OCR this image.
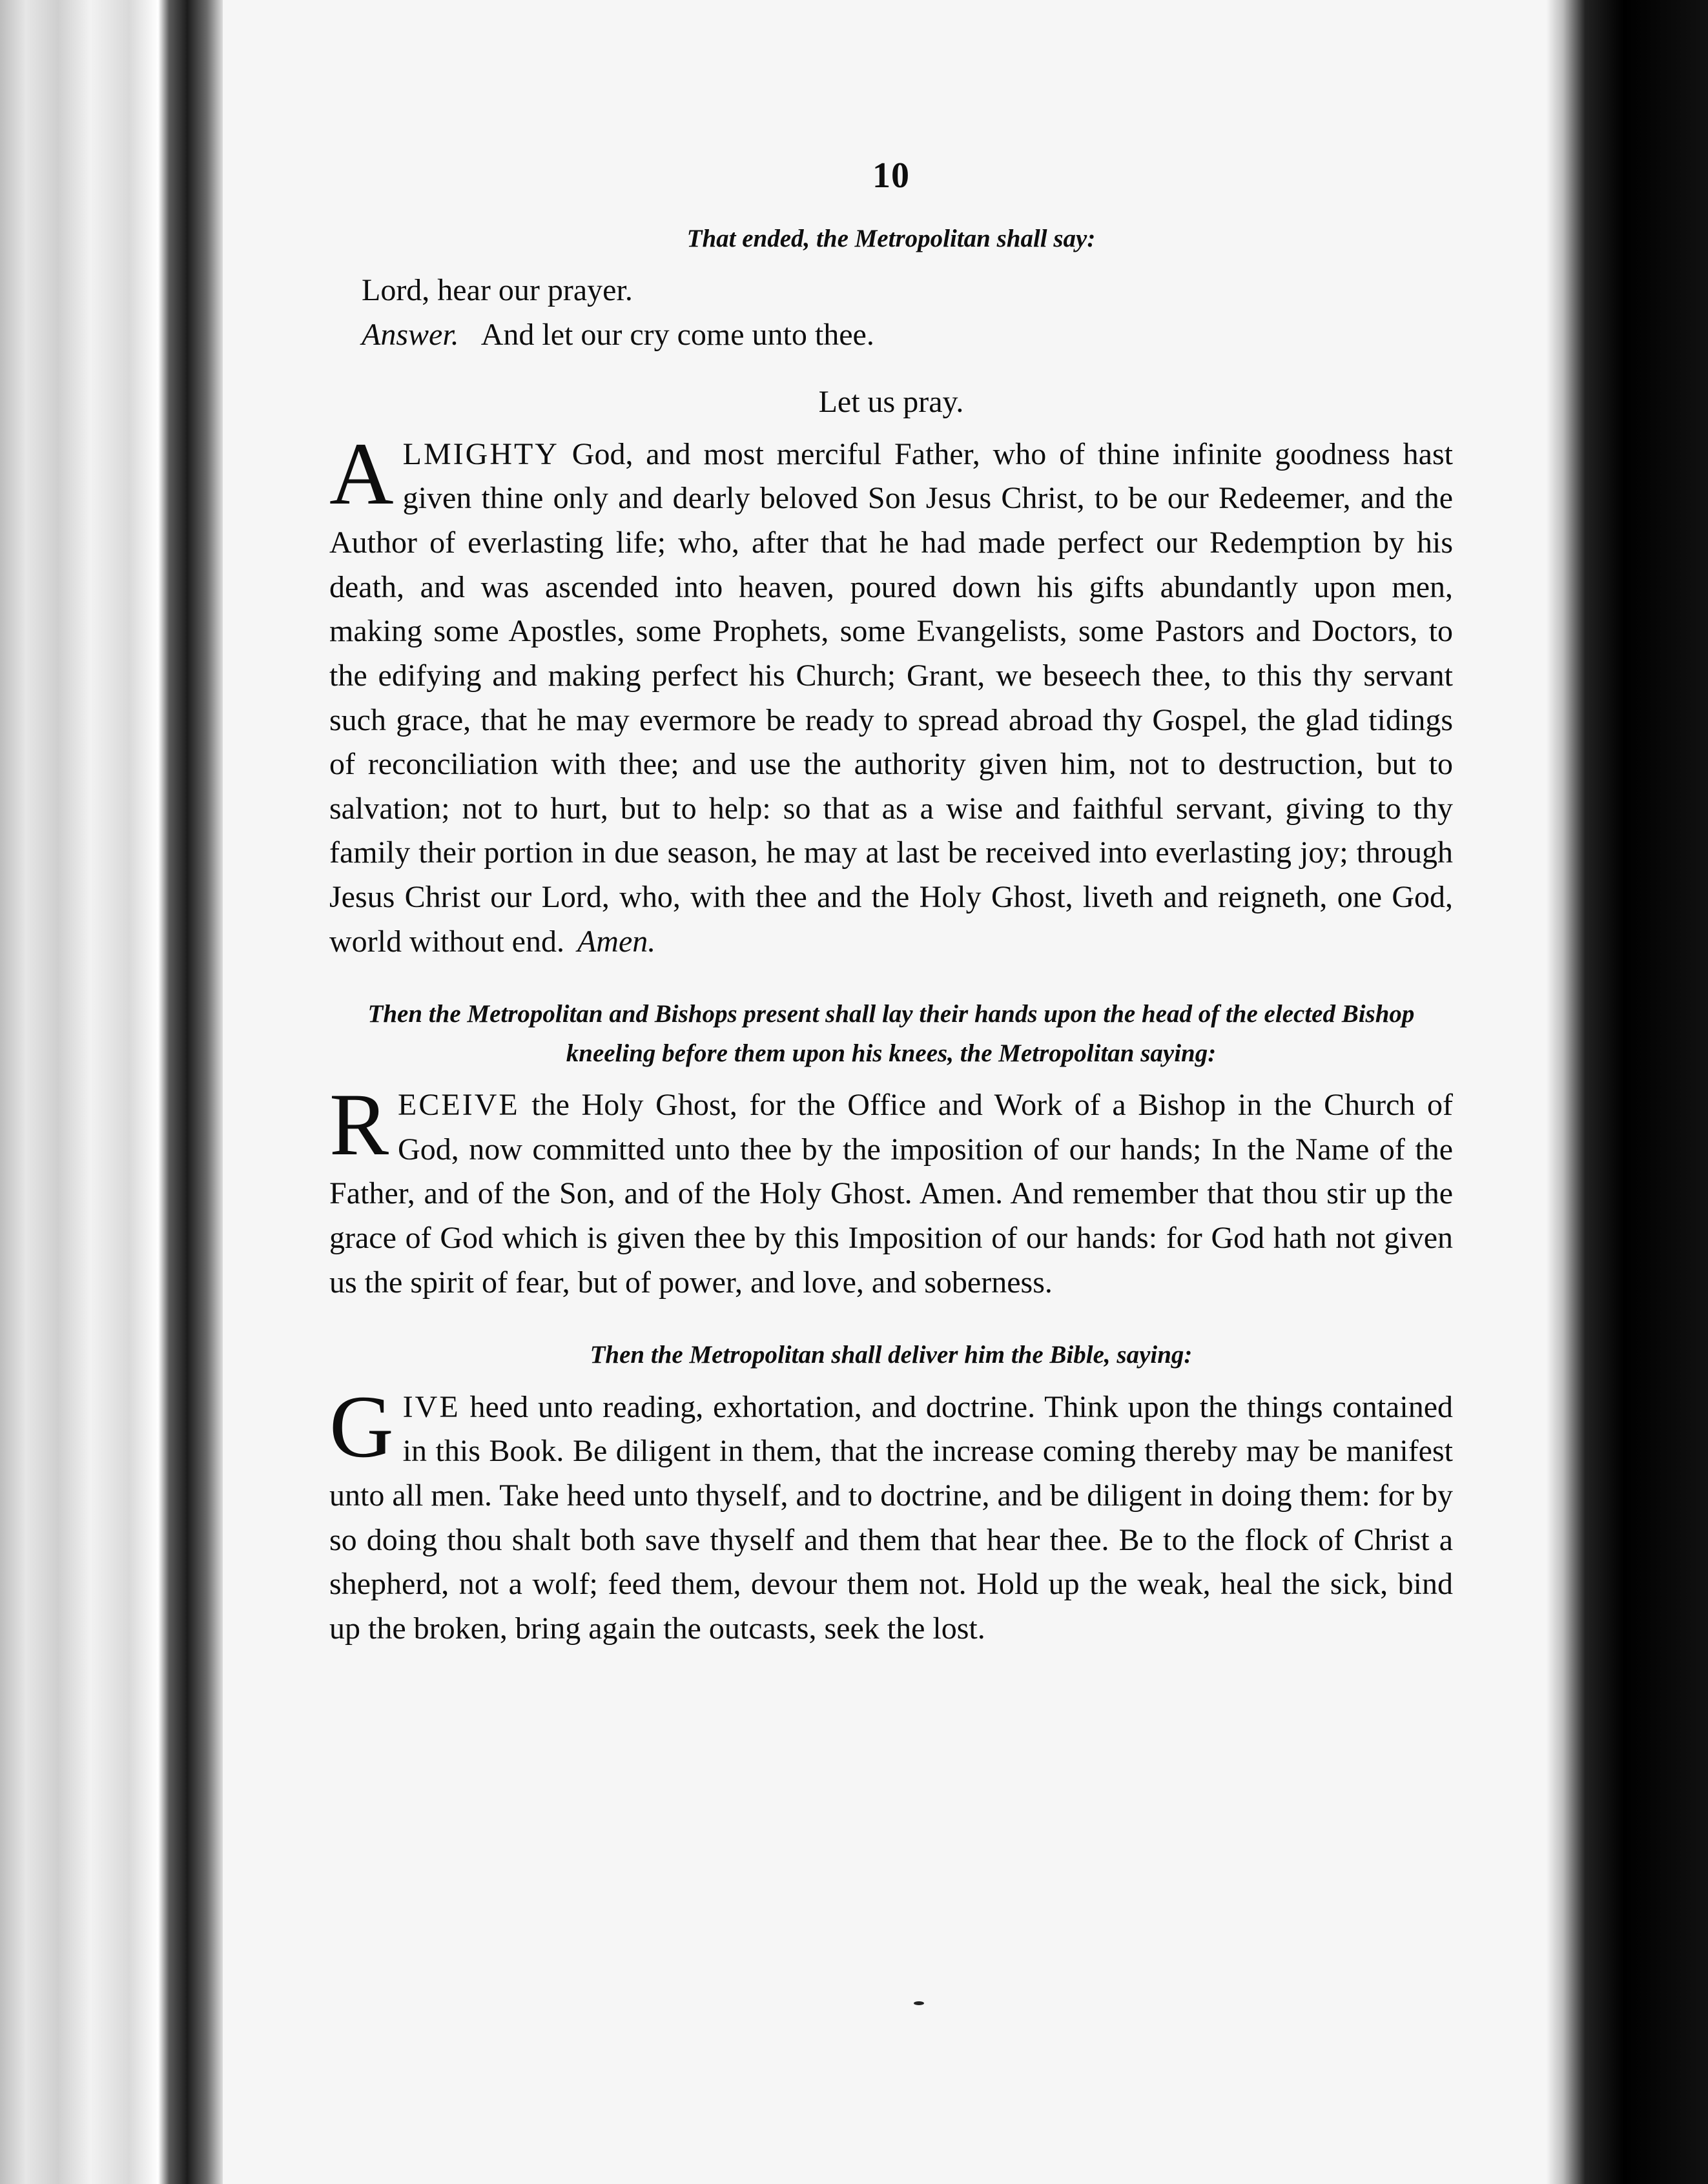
10
That ended, the Metropolitan shall say:
Lord, hear our prayer.
Answer. And let our cry come unto thee.
Let us pray.
ALMIGHTY God, and most merciful Father, who of thine infinite goodness hast given thine only and dearly beloved Son Jesus Christ, to be our Redeemer, and the Author of everlasting life; who, after that he had made perfect our Redemption by his death, and was ascended into heaven, poured down his gifts abundantly upon men, making some Apostles, some Prophets, some Evangelists, some Pastors and Doctors, to the edifying and making perfect his Church; Grant, we beseech thee, to this thy servant such grace, that he may evermore be ready to spread abroad thy Gospel, the glad tidings of reconciliation with thee; and use the authority given him, not to destruction, but to salvation; not to hurt, but to help: so that as a wise and faithful servant, giving to thy family their portion in due season, he may at last be received into everlasting joy; through Jesus Christ our Lord, who, with thee and the Holy Ghost, liveth and reigneth, one God, world without end. Amen.
Then the Metropolitan and Bishops present shall lay their hands upon the head of the elected Bishop kneeling before them upon his knees, the Metropolitan saying:
RECEIVE the Holy Ghost, for the Office and Work of a Bishop in the Church of God, now committed unto thee by the imposition of our hands; In the Name of the Father, and of the Son, and of the Holy Ghost. Amen. And remember that thou stir up the grace of God which is given thee by this Imposition of our hands: for God hath not given us the spirit of fear, but of power, and love, and soberness.
Then the Metropolitan shall deliver him the Bible, saying:
GIVE heed unto reading, exhortation, and doctrine. Think upon the things contained in this Book. Be diligent in them, that the increase coming thereby may be manifest unto all men. Take heed unto thyself, and to doctrine, and be diligent in doing them: for by so doing thou shalt both save thyself and them that hear thee. Be to the flock of Christ a shepherd, not a wolf; feed them, devour them not. Hold up the weak, heal the sick, bind up the broken, bring again the outcasts, seek the lost.
